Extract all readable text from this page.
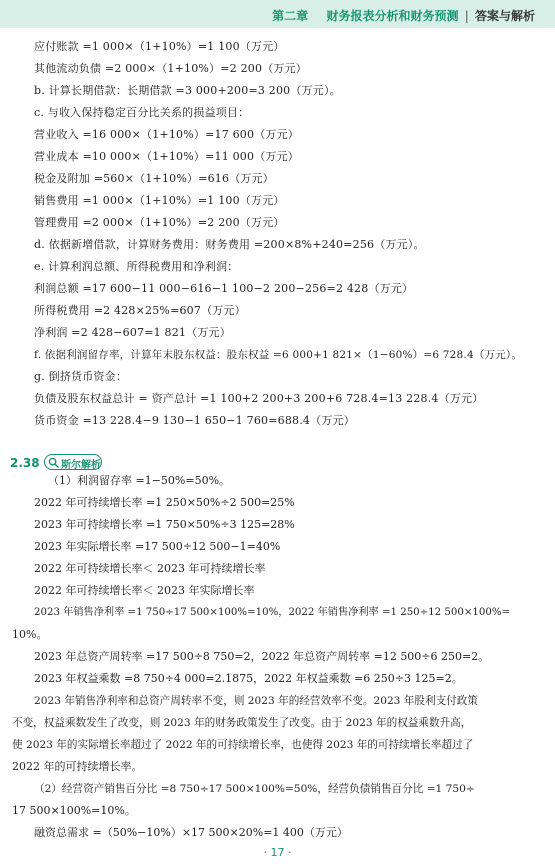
第二章 财务报表分析和财务预测 | 答案与解析
应付账款 =1 000×（1+10%）=1 100（万元）
其他流动负债 =2 000×（1+10%）=2 200（万元）
b. 计算长期借款：长期借款 =3 000+200=3 200（万元）。
c. 与收入保持稳定百分比关系的损益项目：
营业收入 =16 000×（1+10%）=17 600（万元）
营业成本 =10 000×（1+10%）=11 000（万元）
税金及附加 =560×（1+10%）=616（万元）
销售费用 =1 000×（1+10%）=1 100（万元）
管理费用 =2 000×（1+10%）=2 200（万元）
d. 依据新增借款，计算财务费用：财务费用 =200×8%+240=256（万元）。
e. 计算利润总额、所得税费用和净利润：
利润总额 =17 600−11 000−616−1 100−2 200−256=2 428（万元）
所得税费用 =2 428×25%=607（万元）
净利润 =2 428−607=1 821（万元）
f. 依据利润留存率，计算年末股东权益：股东权益 =6 000+1 821×（1−60%）=6 728.4（万元）。
g. 倒挤货币资金：
负债及股东权益总计 = 资产总计 =1 100+2 200+3 200+6 728.4=13 228.4（万元）
货币资金 =13 228.4−9 130−1 650−1 760=688.4（万元）
2.38 斯尔解析
（1）利润留存率 =1−50%=50%。
2022 年可持续增长率 =1 250×50%÷2 500=25%
2023 年可持续增长率 =1 750×50%÷3 125=28%
2023 年实际增长率 =17 500÷12 500−1=40%
2022 年可持续增长率＜ 2023 年可持续增长率
2022 年可持续增长率＜ 2023 年实际增长率
2023 年销售净利率 =1 750÷17 500×100%=10%，2022 年销售净利率 =1 250÷12 500×100%=
10%。
2023 年总资产周转率 =17 500÷8 750=2，2022 年总资产周转率 =12 500÷6 250=2。
2023 年权益乘数 =8 750÷4 000=2.1875，2022 年权益乘数 =6 250÷3 125=2。
2023 年销售净利率和总资产周转率不变，则 2023 年的经营效率不变。2023 年股利支付政策
不变，权益乘数发生了改变，则 2023 年的财务政策发生了改变。由于 2023 年的权益乘数升高，
使 2023 年的实际增长率超过了 2022 年的可持续增长率，也使得 2023 年的可持续增长率超过了
2022 年的可持续增长率。
（2）经营资产销售百分比 =8 750÷17 500×100%=50%，经营负债销售百分比 =1 750÷
17 500×100%=10%。
融资总需求 =（50%−10%）×17 500×20%=1 400（万元）
· 17 ·
